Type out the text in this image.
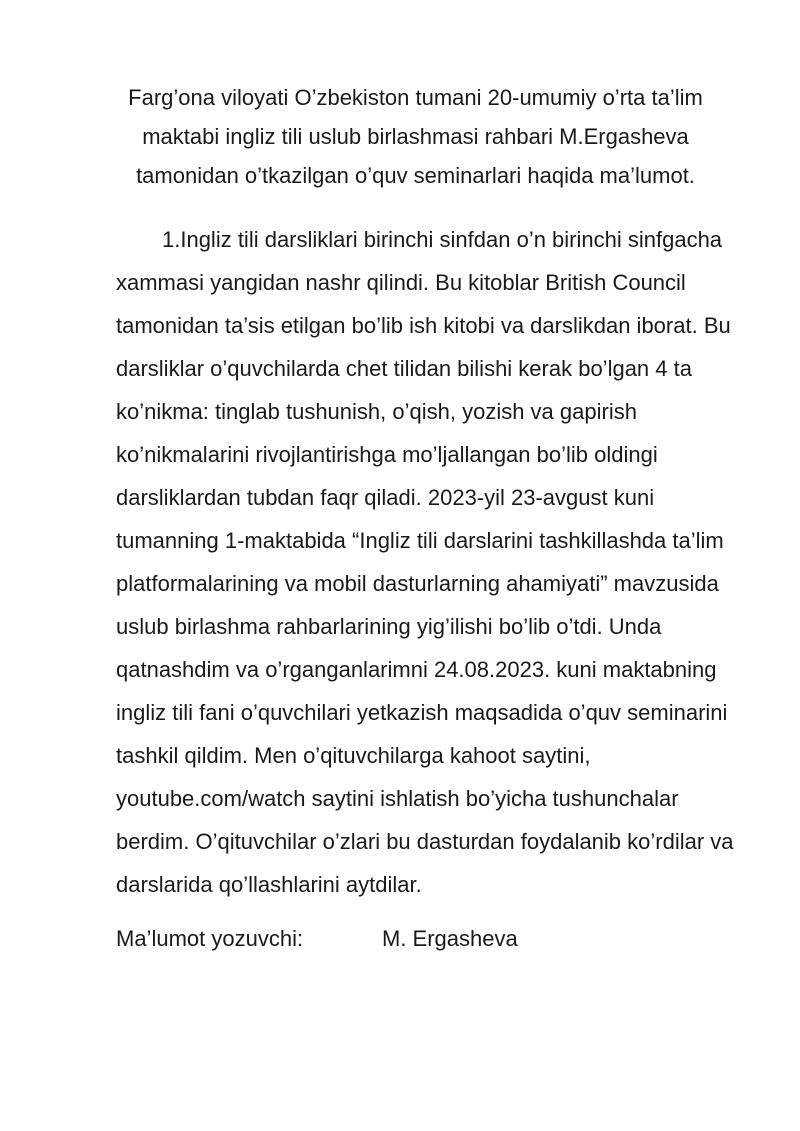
Farg’ona viloyati O’zbekiston tumani 20-umumiy o’rta ta’lim
maktabi ingliz tili uslub birlashmasi rahbari M.Ergasheva
tamonidan o’tkazilgan o’quv seminarlari haqida ma’lumot.
1.Ingliz tili darsliklari birinchi sinfdan o’n birinchi sinfgacha
xammasi yangidan nashr qilindi. Bu kitoblar British Council
tamonidan ta’sis etilgan bo’lib ish kitobi va darslikdan iborat. Bu
darsliklar o’quvchilarda chet tilidan bilishi kerak bo’lgan 4 ta
ko’nikma: tinglab tushunish, o’qish, yozish va gapirish
ko’nikmalarini rivojlantirishga mo’ljallangan bo’lib oldingi
darsliklardan tubdan faqr qiladi. 2023-yil 23-avgust kuni
tumanning 1-maktabida “Ingliz tili darslarini tashkillashda ta’lim
platformalarining va mobil dasturlarning ahamiyati” mavzusida
uslub birlashma rahbarlarining yig’ilishi bo’lib o’tdi. Unda
qatnashdim va o’rganganlarimni 24.08.2023. kuni maktabning
ingliz tili fani o’quvchilari yetkazish maqsadida o’quv seminarini
tashkil qildim. Men o’qituvchilarga kahoot saytini,
youtube.com/watch saytini ishlatish bo’yicha tushunchalar
berdim. O’qituvchilar o’zlari bu dasturdan foydalanib ko’rdilar va
darslarida qo’llashlarini aytdilar.
Ma’lumot yozuvchi:	M. Ergasheva
